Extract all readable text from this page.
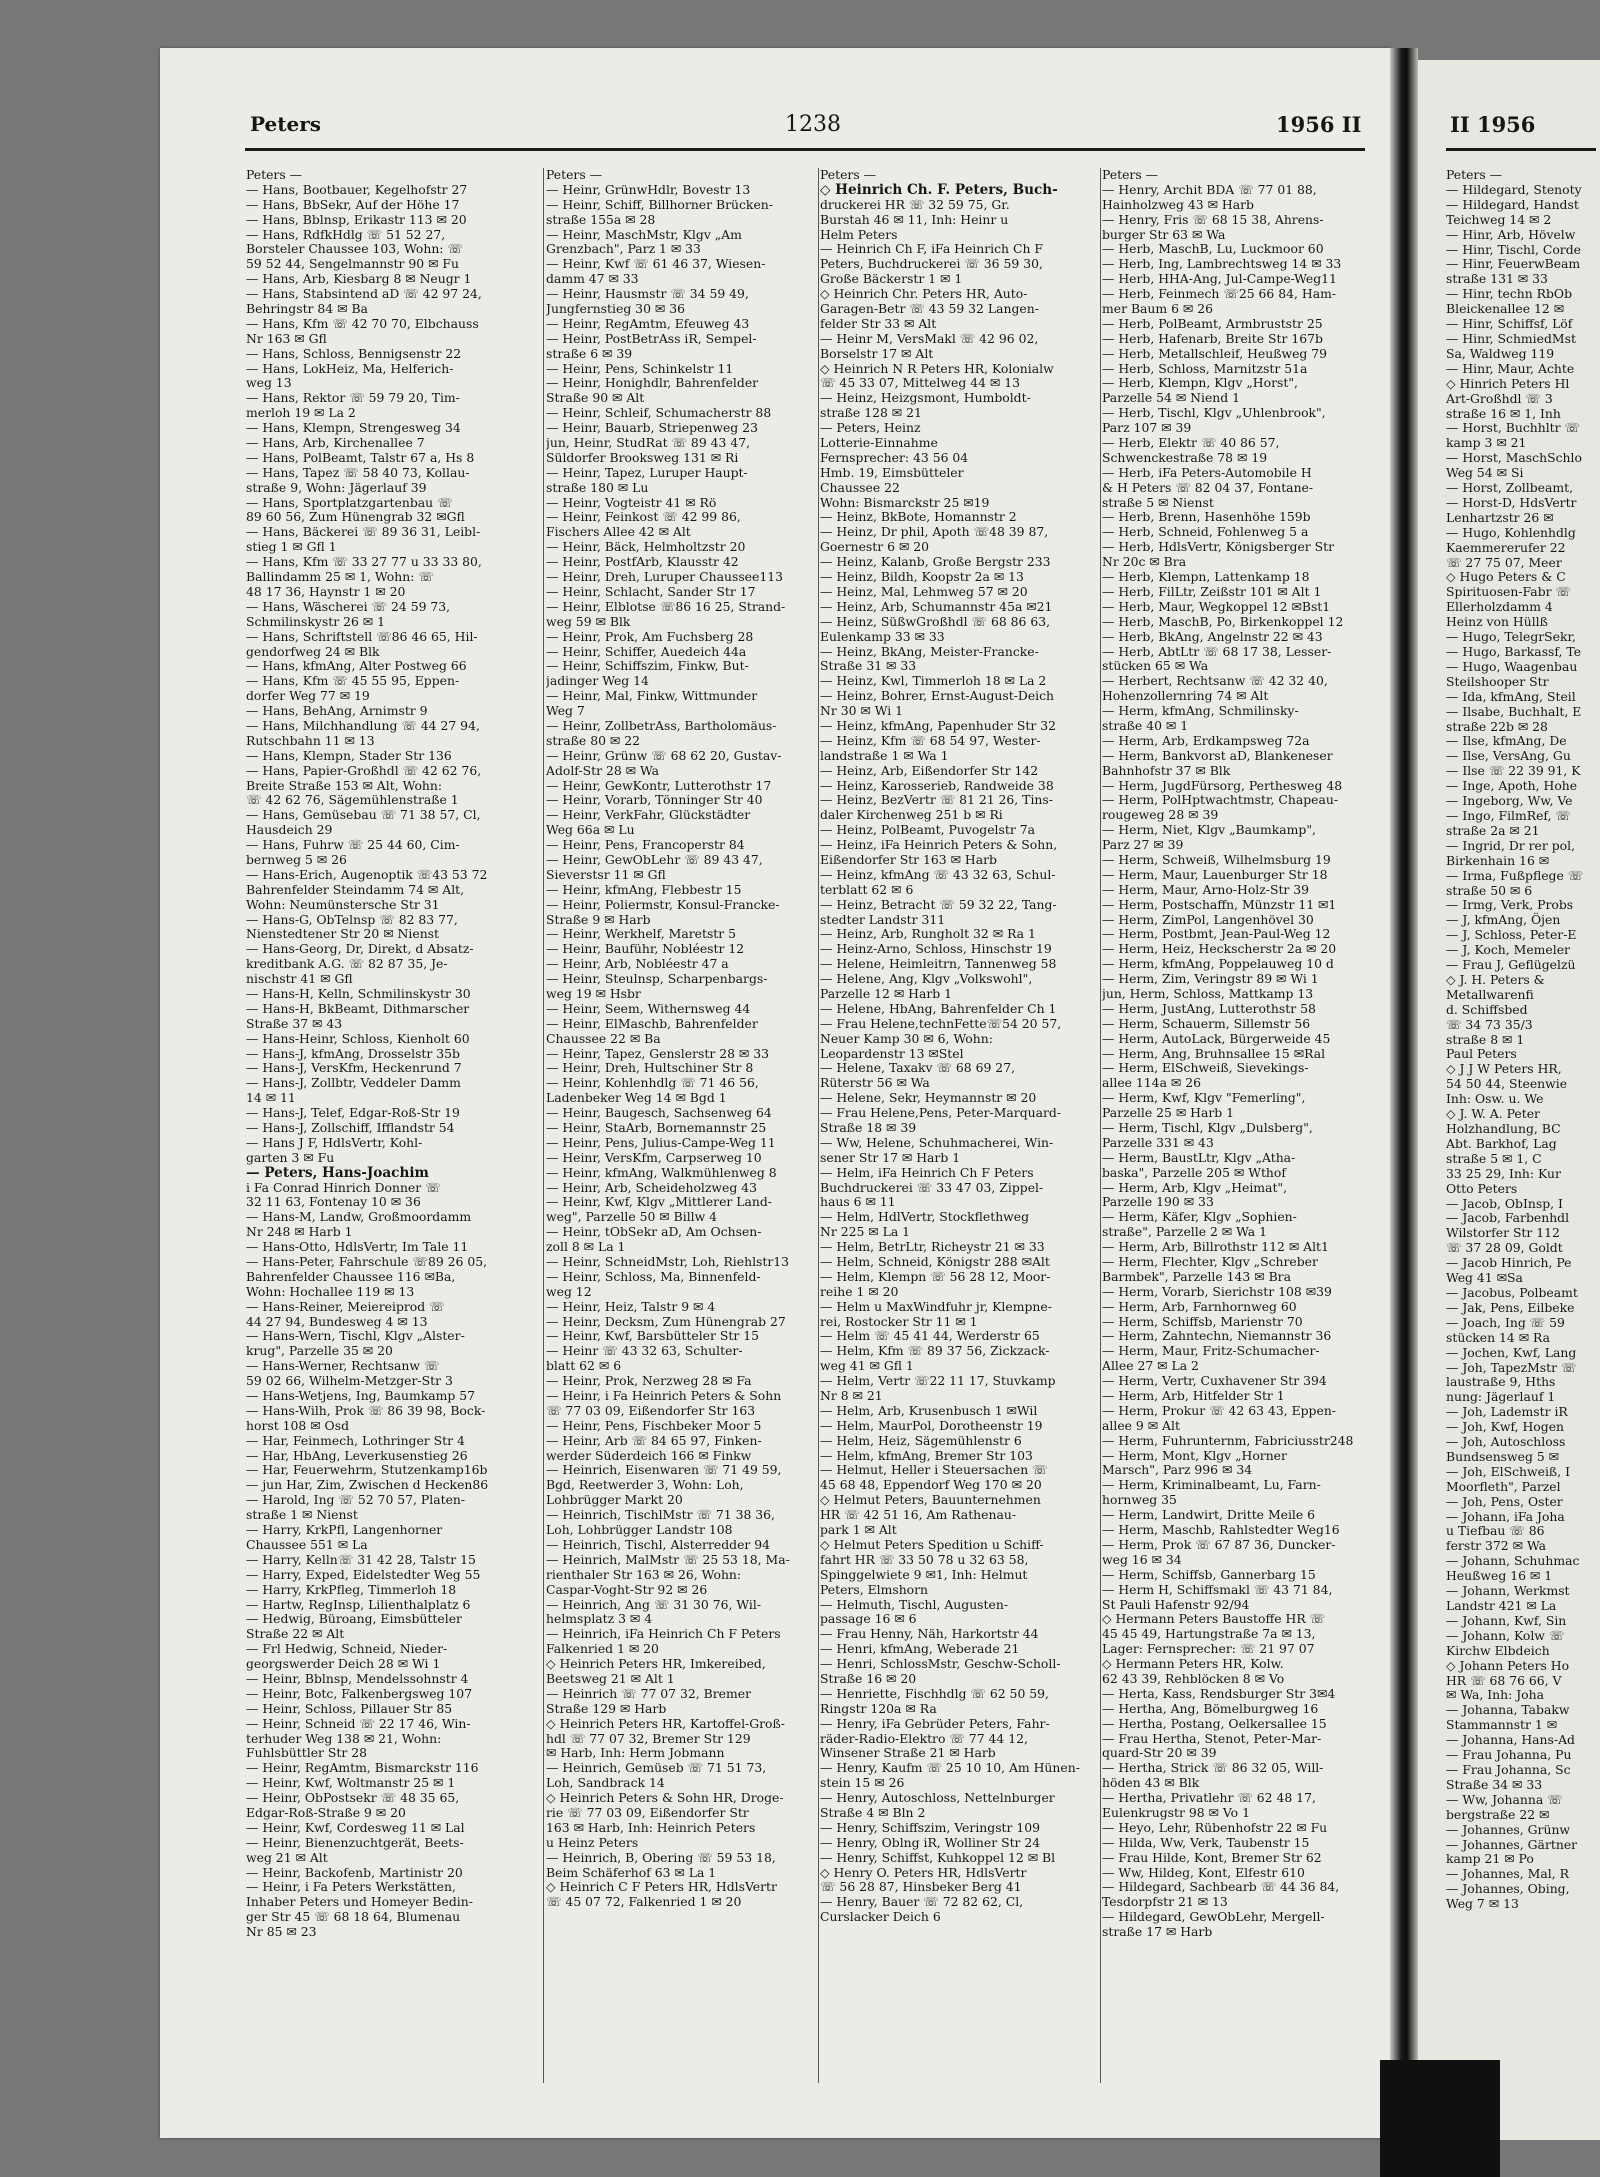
Peters	1238	1956 II	II 1956
Peters —
— Hans, Bootbauer, Kegelhofstr 27
— Hans, BbSekr, Auf der Höhe 17
— Hans, Bblnsp, Erikastr 113 ✉ 20
— Hans, RdfkHdlg ☏ 51 52 27,
Borsteler Chaussee 103, Wohn: ☏
59 52 44, Sengelmannstr 90 ✉ Fu
— Hans, Arb, Kiesbarg 8 ✉ Neugr 1
— Hans, Stabsintend aD ☏ 42 97 24,
Behringstr 84 ✉ Ba
— Hans, Kfm ☏ 42 70 70, Elbchauss
Nr 163 ✉ Gfl
— Hans, Schloss, Bennigsenstr 22
— Hans, LokHeiz, Ma, Helferich-
weg 13
— Hans, Rektor ☏ 59 79 20, Tim-
merloh 19 ✉ La 2
— Hans, Klempn, Strengesweg 34
— Hans, Arb, Kirchenallee 7
— Hans, PolBeamt, Talstr 67 a, Hs 8
— Hans, Tapez ☏ 58 40 73, Kollau-
straße 9, Wohn: Jägerlauf 39
— Hans, Sportplatzgartenbau ☏
89 60 56, Zum Hünengrab 32 ✉Gfl
— Hans, Bäckerei ☏ 89 36 31, Leibl-
stieg 1 ✉ Gfl 1
— Hans, Kfm ☏ 33 27 77 u 33 33 80,
Ballindamm 25 ✉ 1, Wohn: ☏
48 17 36, Haynstr 1 ✉ 20
— Hans, Wäscherei ☏ 24 59 73,
Schmilinskystr 26 ✉ 1
— Hans, Schriftstell ☏86 46 65, Hil-
gendorfweg 24 ✉ Blk
— Hans, kfmAng, Alter Postweg 66
— Hans, Kfm ☏ 45 55 95, Eppen-
dorfer Weg 77 ✉ 19
— Hans, BehAng, Arnimstr 9
— Hans, Milchhandlung ☏ 44 27 94,
Rutschbahn 11 ✉ 13
— Hans, Klempn, Stader Str 136
— Hans, Papier-Großhdl ☏ 42 62 76,
Breite Straße 153 ✉ Alt, Wohn:
☏ 42 62 76, Sägemühlenstraße 1
— Hans, Gemüsebau ☏ 71 38 57, Cl,
Hausdeich 29
— Hans, Fuhrw ☏ 25 44 60, Cim-
bernweg 5 ✉ 26
— Hans-Erich, Augenoptik ☏43 53 72
Bahrenfelder Steindamm 74 ✉ Alt,
Wohn: Neumünstersche Str 31
— Hans-G, ObTelnsp ☏ 82 83 77,
Nienstedtener Str 20 ✉ Nienst
— Hans-Georg, Dr, Direkt, d Absatz-
kreditbank A.G. ☏ 82 87 35, Je-
nischstr 41 ✉ Gfl
— Hans-H, Kelln, Schmilinskystr 30
— Hans-H, BkBeamt, Dithmarscher
Straße 37 ✉ 43
— Hans-Heinr, Schloss, Kienholt 60
— Hans-J, kfmAng, Drosselstr 35b
— Hans-J, VersKfm, Heckenrund 7
— Hans-J, Zollbtr, Veddeler Damm
14 ✉ 11
— Hans-J, Telef, Edgar-Roß-Str 19
— Hans-J, Zollschiff, Ifflandstr 54
— Hans J F, HdlsVertr, Kohl-
garten 3 ✉ Fu
— Peters, Hans-Joachim
i Fa Conrad Hinrich Donner ☏
32 11 63, Fontenay 10 ✉ 36
— Hans-M, Landw, Großmoordamm
Nr 248 ✉ Harb 1
— Hans-Otto, HdlsVertr, Im Tale 11
— Hans-Peter, Fahrschule ☏89 26 05,
Bahrenfelder Chaussee 116 ✉Ba,
Wohn: Hochallee 119 ✉ 13
— Hans-Reiner, Meiereiprod ☏
44 27 94, Bundesweg 4 ✉ 13
— Hans-Wern, Tischl, Klgv „Alster-
krug", Parzelle 35 ✉ 20
— Hans-Werner, Rechtsanw ☏
59 02 66, Wilhelm-Metzger-Str 3
— Hans-Wetjens, Ing, Baumkamp 57
— Hans-Wilh, Prok ☏ 86 39 98, Bock-
horst 108 ✉ Osd
— Har, Feinmech, Lothringer Str 4
— Har, HbAng, Leverkusenstieg 26
— Har, Feuerwehrm, Stutzenkamp16b
— jun Har, Zim, Zwischen d Hecken86
— Harold, Ing ☏ 52 70 57, Platen-
straße 1 ✉ Nienst
— Harry, KrkPfl, Langenhorner
Chaussee 551 ✉ La
— Harry, Kelln☏ 31 42 28, Talstr 15
— Harry, Exped, Eidelstedter Weg 55
— Harry, KrkPfleg, Timmerloh 18
— Hartw, RegInsp, Lilienthalplatz 6
— Hedwig, Büroang, Eimsbütteler
Straße 22 ✉ Alt
— Frl Hedwig, Schneid, Nieder-
georgswerder Deich 28 ✉ Wi 1
— Heinr, Bblnsp, Mendelssohnstr 4
— Heinr, Botc, Falkenbergsweg 107
— Heinr, Schloss, Pillauer Str 85
— Heinr, Schneid ☏ 22 17 46, Win-
terhuder Weg 138 ✉ 21, Wohn:
Fuhlsbüttler Str 28
— Heinr, RegAmtm, Bismarckstr 116
— Heinr, Kwf, Woltmanstr 25 ✉ 1
— Heinr, ObPostsekr ☏ 48 35 65,
Edgar-Roß-Straße 9 ✉ 20
— Heinr, Kwf, Cordesweg 11 ✉ Lal
— Heinr, Bienenzuchtgerät, Beets-
weg 21 ✉ Alt
— Heinr, Backofenb, Martinistr 20
— Heinr, i Fa Peters Werkstätten,
Inhaber Peters und Homeyer Bedin-
ger Str 45 ☏ 68 18 64, Blumenau
Nr 85 ✉ 23
Peters —
— Heinr, GrünwHdlr, Bovestr 13
— Heinr, Schiff, Billhorner Brücken-
straße 155a ✉ 28
— Heinr, MaschMstr, Klgv „Am
Grenzbach", Parz 1 ✉ 33
— Heinr, Kwf ☏ 61 46 37, Wiesen-
damm 47 ✉ 33
— Heinr, Hausmstr ☏ 34 59 49,
Jungfernstieg 30 ✉ 36
— Heinr, RegAmtm, Efeuweg 43
— Heinr, PostBetrAss iR, Sempel-
straße 6 ✉ 39
— Heinr, Pens, Schinkelstr 11
— Heinr, Honighdlr, Bahrenfelder
Straße 90 ✉ Alt
— Heinr, Schleif, Schumacherstr 88
— Heinr, Bauarb, Striepenweg 23
jun, Heinr, StudRat ☏ 89 43 47,
Süldorfer Brooksweg 131 ✉ Ri
— Heinr, Tapez, Luruper Haupt-
straße 180 ✉ Lu
— Heinr, Vogteistr 41 ✉ Rö
— Heinr, Feinkost ☏ 42 99 86,
Fischers Allee 42 ✉ Alt
— Heinr, Bäck, Helmholtzstr 20
— Heinr, PostfArb, Klausstr 42
— Heinr, Dreh, Luruper Chaussee113
— Heinr, Schlacht, Sander Str 17
— Heinr, Elblotse ☏86 16 25, Strand-
weg 59 ✉ Blk
— Heinr, Prok, Am Fuchsberg 28
— Heinr, Schiffer, Auedeich 44a
— Heinr, Schiffszim, Finkw, But-
jadinger Weg 14
— Heinr, Mal, Finkw, Wittmunder
Weg 7
— Heinr, ZollbetrAss, Bartholomäus-
straße 80 ✉ 22
— Heinr, Grünw ☏ 68 62 20, Gustav-
Adolf-Str 28 ✉ Wa
— Heinr, GewKontr, Lutterothstr 17
— Heinr, Vorarb, Tönninger Str 40
— Heinr, VerkFahr, Glückstädter
Weg 66a ✉ Lu
— Heinr, Pens, Francoperstr 84
— Heinr, GewObLehr ☏ 89 43 47,
Sieverstsr 11 ✉ Gfl
— Heinr, kfmAng, Flebbestr 15
— Heinr, Poliermstr, Konsul-Francke-
Straße 9 ✉ Harb
— Heinr, Werkhelf, Maretstr 5
— Heinr, Bauführ, Nobléestr 12
— Heinr, Arb, Nobléestr 47 a
— Heinr, Steulnsp, Scharpenbargs-
weg 19 ✉ Hsbr
— Heinr, Seem, Withernsweg 44
— Heinr, ElMaschb, Bahrenfelder
Chaussee 22 ✉ Ba
— Heinr, Tapez, Genslerstr 28 ✉ 33
— Heinr, Dreh, Hultschiner Str 8
— Heinr, Kohlenhdlg ☏ 71 46 56,
Ladenbeker Weg 14 ✉ Bgd 1
— Heinr, Baugesch, Sachsenweg 64
— Heinr, StaArb, Bornemannstr 25
— Heinr, Pens, Julius-Campe-Weg 11
— Heinr, VersKfm, Carpserweg 10
— Heinr, kfmAng, Walkmühlenweg 8
— Heinr, Arb, Scheideholzweg 43
— Heinr, Kwf, Klgv „Mittlerer Land-
weg", Parzelle 50 ✉ Billw 4
— Heinr, tObSekr aD, Am Ochsen-
zoll 8 ✉ La 1
— Heinr, SchneidMstr, Loh, Riehlstr13
— Heinr, Schloss, Ma, Binnenfeld-
weg 12
— Heinr, Heiz, Talstr 9 ✉ 4
— Heinr, Decksm, Zum Hünengrab 27
— Heinr, Kwf, Barsbütteler Str 15
— Heinr ☏ 43 32 63, Schulter-
blatt 62 ✉ 6
— Heinr, Prok, Nerzweg 28 ✉ Fa
— Heinr, i Fa Heinrich Peters & Sohn
☏ 77 03 09, Eißendorfer Str 163
— Heinr, Pens, Fischbeker Moor 5
— Heinr, Arb ☏ 84 65 97, Finken-
werder Süderdeich 166 ✉ Finkw
— Heinrich, Eisenwaren ☏ 71 49 59,
Bgd, Reetwerder 3, Wohn: Loh,
Lohbrügger Markt 20
— Heinrich, TischlMstr ☏ 71 38 36,
Loh, Lohbrügger Landstr 108
— Heinrich, Tischl, Alsterredder 94
— Heinrich, MalMstr ☏ 25 53 18, Ma-
rienthaler Str 163 ✉ 26, Wohn:
Caspar-Voght-Str 92 ✉ 26
— Heinrich, Ang ☏ 31 30 76, Wil-
helmsplatz 3 ✉ 4
— Heinrich, iFa Heinrich Ch F Peters
Falkenried 1 ✉ 20
◇ Heinrich Peters HR, Imkereibed,
Beetsweg 21 ✉ Alt 1
— Heinrich ☏ 77 07 32, Bremer
Straße 129 ✉ Harb
◇ Heinrich Peters HR, Kartoffel-Groß-
hdl ☏ 77 07 32, Bremer Str 129
✉ Harb, Inh: Herm Jobmann
— Heinrich, Gemüseb ☏ 71 51 73,
Loh, Sandbrack 14
◇ Heinrich Peters & Sohn HR, Droge-
rie ☏ 77 03 09, Eißendorfer Str
163 ✉ Harb, Inh: Heinrich Peters
u Heinz Peters
— Heinrich, B, Obering ☏ 59 53 18,
Beim Schäferhof 63 ✉ La 1
◇ Heinrich C F Peters HR, HdlsVertr
☏ 45 07 72, Falkenried 1 ✉ 20
Peters —
◇ Heinrich Ch. F. Peters, Buch-
druckerei HR ☏ 32 59 75, Gr.
Burstah 46 ✉ 11, Inh: Heinr u
Helm Peters
— Heinrich Ch F, iFa Heinrich Ch F
Peters, Buchdruckerei ☏ 36 59 30,
Große Bäckerstr 1 ✉ 1
◇ Heinrich Chr. Peters HR, Auto-
Garagen-Betr ☏ 43 59 32 Langen-
felder Str 33 ✉ Alt
— Heinr M, VersMakl ☏ 42 96 02,
Borselstr 17 ✉ Alt
◇ Heinrich N R Peters HR, Kolonialw
☏ 45 33 07, Mittelweg 44 ✉ 13
— Heinz, Heizgsmont, Humboldt-
straße 128 ✉ 21
— Peters, Heinz
Lotterie-Einnahme
Fernsprecher: 43 56 04
Hmb. 19, Eimsbütteler
Chaussee 22
Wohn: Bismarckstr 25 ✉19
— Heinz, BkBote, Homannstr 2
— Heinz, Dr phil, Apoth ☏48 39 87,
Goernestr 6 ✉ 20
— Heinz, Kalanb, Große Bergstr 233
— Heinz, Bildh, Koopstr 2a ✉ 13
— Heinz, Mal, Lehmweg 57 ✉ 20
— Heinz, Arb, Schumannstr 45a ✉21
— Heinz, SüßwGroßhdl ☏ 68 86 63,
Eulenkamp 33 ✉ 33
— Heinz, BkAng, Meister-Francke-
Straße 31 ✉ 33
— Heinz, Kwl, Timmerloh 18 ✉ La 2
— Heinz, Bohrer, Ernst-August-Deich
Nr 30 ✉ Wi 1
— Heinz, kfmAng, Papenhuder Str 32
— Heinz, Kfm ☏ 68 54 97, Wester-
landstraße 1 ✉ Wa 1
— Heinz, Arb, Eißendorfer Str 142
— Heinz, Karosserieb, Randweide 38
— Heinz, BezVertr ☏ 81 21 26, Tins-
daler Kirchenweg 251 b ✉ Ri
— Heinz, PolBeamt, Puvogelstr 7a
— Heinz, iFa Heinrich Peters & Sohn,
Eißendorfer Str 163 ✉ Harb
— Heinz, kfmAng ☏ 43 32 63, Schul-
terblatt 62 ✉ 6
— Heinz, Betracht ☏ 59 32 22, Tang-
stedter Landstr 311
— Heinz, Arb, Rungholt 32 ✉ Ra 1
— Heinz-Arno, Schloss, Hinschstr 19
— Helene, Heimleitrn, Tannenweg 58
— Helene, Ang, Klgv „Volkswohl",
Parzelle 12 ✉ Harb 1
— Helene, HbAng, Bahrenfelder Ch 1
— Frau Helene,technFette☏54 20 57,
Neuer Kamp 30 ✉ 6, Wohn:
Leopardenstr 13 ✉Stel
— Helene, Taxakv ☏ 68 69 27,
Rüterstr 56 ✉ Wa
— Helene, Sekr, Heymannstr ✉ 20
— Frau Helene,Pens, Peter-Marquard-
Straße 18 ✉ 39
— Ww, Helene, Schuhmacherei, Win-
sener Str 17 ✉ Harb 1
— Helm, iFa Heinrich Ch F Peters
Buchdruckerei ☏ 33 47 03, Zippel-
haus 6 ✉ 11
— Helm, HdlVertr, Stockflethweg
Nr 225 ✉ La 1
— Helm, BetrLtr, Richeystr 21 ✉ 33
— Helm, Schneid, Königstr 288 ✉Alt
— Helm, Klempn ☏ 56 28 12, Moor-
reihe 1 ✉ 20
— Helm u MaxWindfuhr jr, Klempne-
rei, Rostocker Str 11 ✉ 1
— Helm ☏ 45 41 44, Werderstr 65
— Helm, Kfm ☏ 89 37 56, Zickzack-
weg 41 ✉ Gfl 1
— Helm, Vertr ☏22 11 17, Stuvkamp
Nr 8 ✉ 21
— Helm, Arb, Krusenbusch 1 ✉Wil
— Helm, MaurPol, Dorotheenstr 19
— Helm, Heiz, Sägemühlenstr 6
— Helm, kfmAng, Bremer Str 103
— Helmut, Heller i Steuersachen ☏
45 68 48, Eppendorf Weg 170 ✉ 20
◇ Helmut Peters, Bauunternehmen
HR ☏ 42 51 16, Am Rathenau-
park 1 ✉ Alt
◇ Helmut Peters Spedition u Schiff-
fahrt HR ☏ 33 50 78 u 32 63 58,
Spinggelwiete 9 ✉1, Inh: Helmut
Peters, Elmshorn
— Helmuth, Tischl, Augusten-
passage 16 ✉ 6
— Frau Henny, Näh, Harkortstr 44
— Henri, kfmAng, Weberade 21
— Henri, SchlossMstr, Geschw-Scholl-
Straße 16 ✉ 20
— Henriette, Fischhdlg ☏ 62 50 59,
Ringstr 120a ✉ Ra
— Henry, iFa Gebrüder Peters, Fahr-
räder-Radio-Elektro ☏ 77 44 12,
Winsener Straße 21 ✉ Harb
— Henry, Kaufm ☏ 25 10 10, Am Hünen-
stein 15 ✉ 26
— Henry, Autoschloss, Nettelnburger
Straße 4 ✉ Bln 2
— Henry, Schiffszim, Veringstr 109
— Henry, Oblng iR, Wolliner Str 24
— Henry, Schiffst, Kuhkoppel 12 ✉ Bl
◇ Henry O. Peters HR, HdlsVertr
☏ 56 28 87, Hinsbeker Berg 41
— Henry, Bauer ☏ 72 82 62, Cl,
Curslacker Deich 6
Peters —
— Henry, Archit BDA ☏ 77 01 88,
Hainholzweg 43 ✉ Harb
— Henry, Fris ☏ 68 15 38, Ahrens-
burger Str 63 ✉ Wa
— Herb, MaschB, Lu, Luckmoor 60
— Herb, Ing, Lambrechtsweg 14 ✉ 33
— Herb, HHA-Ang, Jul-Campe-Weg11
— Herb, Feinmech ☏25 66 84, Ham-
mer Baum 6 ✉ 26
— Herb, PolBeamt, Armbruststr 25
— Herb, Hafenarb, Breite Str 167b
— Herb, Metallschleif, Heußweg 79
— Herb, Schloss, Marnitzstr 51a
— Herb, Klempn, Klgv „Horst",
Parzelle 54 ✉ Niend 1
— Herb, Tischl, Klgv „Uhlenbrook",
Parz 107 ✉ 39
— Herb, Elektr ☏ 40 86 57,
Schwenckestraße 78 ✉ 19
— Herb, iFa Peters-Automobile H
& H Peters ☏ 82 04 37, Fontane-
straße 5 ✉ Nienst
— Herb, Brenn, Hasenhöhe 159b
— Herb, Schneid, Fohlenweg 5 a
— Herb, HdlsVertr, Königsberger Str
Nr 20c ✉ Bra
— Herb, Klempn, Lattenkamp 18
— Herb, FilLtr, Zeißstr 101 ✉ Alt 1
— Herb, Maur, Wegkoppel 12 ✉Bst1
— Herb, MaschB, Po, Birkenkoppel 12
— Herb, BkAng, Angelnstr 22 ✉ 43
— Herb, AbtLtr ☏ 68 17 38, Lesser-
stücken 65 ✉ Wa
— Herbert, Rechtsanw ☏ 42 32 40,
Hohenzollernring 74 ✉ Alt
— Herm, kfmAng, Schmilinsky-
straße 40 ✉ 1
— Herm, Arb, Erdkampsweg 72a
— Herm, Bankvorst aD, Blankeneser
Bahnhofstr 37 ✉ Blk
— Herm, JugdFürsorg, Perthesweg 48
— Herm, PolHptwachtmstr, Chapeau-
rougeweg 28 ✉ 39
— Herm, Niet, Klgv „Baumkamp",
Parz 27 ✉ 39
— Herm, Schweiß, Wilhelmsburg 19
— Herm, Maur, Lauenburger Str 18
— Herm, Maur, Arno-Holz-Str 39
— Herm, Postschaffn, Münzstr 11 ✉1
— Herm, ZimPol, Langenhövel 30
— Herm, Postbmt, Jean-Paul-Weg 12
— Herm, Heiz, Heckscherstr 2a ✉ 20
— Herm, kfmAng, Poppelauweg 10 d
— Herm, Zim, Veringstr 89 ✉ Wi 1
jun, Herm, Schloss, Mattkamp 13
— Herm, JustAng, Lutterothstr 58
— Herm, Schauerm, Sillemstr 56
— Herm, AutoLack, Bürgerweide 45
— Herm, Ang, Bruhnsallee 15 ✉Ral
— Herm, ElSchweiß, Sievekings-
allee 114a ✉ 26
— Herm, Kwf, Klgv "Femerling",
Parzelle 25 ✉ Harb 1
— Herm, Tischl, Klgv „Dulsberg",
Parzelle 331 ✉ 43
— Herm, BaustLtr, Klgv „Atha-
baska", Parzelle 205 ✉ Wthof
— Herm, Arb, Klgv „Heimat",
Parzelle 190 ✉ 33
— Herm, Käfer, Klgv „Sophien-
straße", Parzelle 2 ✉ Wa 1
— Herm, Arb, Billrothstr 112 ✉ Alt1
— Herm, Flechter, Klgv „Schreber
Barmbek", Parzelle 143 ✉ Bra
— Herm, Vorarb, Sierichstr 108 ✉39
— Herm, Arb, Farnhornweg 60
— Herm, Schiffsb, Marienstr 70
— Herm, Zahntechn, Niemannstr 36
— Herm, Maur, Fritz-Schumacher-
Allee 27 ✉ La 2
— Herm, Vertr, Cuxhavener Str 394
— Herm, Arb, Hitfelder Str 1
— Herm, Prokur ☏ 42 63 43, Eppen-
allee 9 ✉ Alt
— Herm, Fuhrunternm, Fabriciusstr248
— Herm, Mont, Klgv „Horner
Marsch", Parz 996 ✉ 34
— Herm, Kriminalbeamt, Lu, Farn-
hornweg 35
— Herm, Landwirt, Dritte Meile 6
— Herm, Maschb, Rahlstedter Weg16
— Herm, Prok ☏ 67 87 36, Duncker-
weg 16 ✉ 34
— Herm, Schiffsb, Gannerbarg 15
— Herm H, Schiffsmakl ☏ 43 71 84,
St Pauli Hafenstr 92/94
◇ Hermann Peters Baustoffe HR ☏
45 45 49, Hartungstraße 7a ✉ 13,
Lager: Fernsprecher: ☏ 21 97 07
◇ Hermann Peters HR, Kolw.
62 43 39, Rehblöcken 8 ✉ Vo
— Herta, Kass, Rendsburger Str 3✉4
— Hertha, Ang, Bömelburgweg 16
— Hertha, Postang, Oelkersallee 15
— Frau Hertha, Stenot, Peter-Mar-
quard-Str 20 ✉ 39
— Hertha, Strick ☏ 86 32 05, Will-
höden 43 ✉ Blk
— Hertha, Privatlehr ☏ 62 48 17,
Eulenkrugstr 98 ✉ Vo 1
— Heyo, Lehr, Rübenhofstr 22 ✉ Fu
— Hilda, Ww, Verk, Taubenstr 15
— Frau Hilde, Kont, Bremer Str 62
— Ww, Hildeg, Kont, Elfestr 610
— Hildegard, Sachbearb ☏ 44 36 84,
Tesdorpfstr 21 ✉ 13
— Hildegard, GewObLehr, Mergell-
straße 17 ✉ Harb
Peters —
— Hildegard, Stenoty
— Hildegard, Handst
Teichweg 14 ✉ 2
— Hinr, Arb, Hövelw
— Hinr, Tischl, Corde
— Hinr, FeuerwBeam
straße 131 ✉ 33
— Hinr, techn RbOb
Bleickenallee 12 ✉
— Hinr, Schiffsf, Löf
— Hinr, SchmiedMst
Sa, Waldweg 119
— Hinr, Maur, Achte
◇ Hinrich Peters Hl
Art-Großhdl ☏ 3
straße 16 ✉ 1, Inh
— Horst, Buchhltr ☏
kamp 3 ✉ 21
— Horst, MaschSchlo
Weg 54 ✉ Si
— Horst, Zollbeamt,
— Horst-D, HdsVertr
Lenhartzstr 26 ✉
— Hugo, Kohlenhdlg
Kaemmererufer 22
☏ 27 75 07, Meer
◇ Hugo Peters & C
Spirituosen-Fabr ☏
Ellerholzdamm 4
Heinz von Hüllß
— Hugo, TelegrSekr,
— Hugo, Barkassf, Te
— Hugo, Waagenbau
Steilshooper Str
— Ida, kfmAng, Steil
— Ilsabe, Buchhalt, E
straße 22b ✉ 28
— Ilse, kfmAng, De
— Ilse, VersAng, Gu
— Ilse ☏ 22 39 91, K
— Inge, Apoth, Hohe
— Ingeborg, Ww, Ve
— Ingo, FilmRef, ☏
straße 2a ✉ 21
— Ingrid, Dr rer pol,
Birkenhain 16 ✉
— Irma, Fußpflege ☏
straße 50 ✉ 6
— Irmg, Verk, Probs
— J, kfmAng, Öjen
— J, Schloss, Peter-E
— J, Koch, Memeler
— Frau J, Geflügelzü
◇ J. H. Peters &
Metallwarenfi
d. Schiffsbed
☏ 34 73 35/3
straße 8 ✉ 1
Paul Peters
◇ J J W Peters HR,
54 50 44, Steenwie
Inh: Osw. u. We
◇ J. W. A. Peter
Holzhandlung, BC
Abt. Barkhof, Lag
straße 5 ✉ 1, C
33 25 29, Inh: Kur
Otto Peters
— Jacob, ObInsp, I
— Jacob, Farbenhdl
Wilstorfer Str 112
☏ 37 28 09, Goldt
— Jacob Hinrich, Pe
Weg 41 ✉Sa
— Jacobus, Polbeamt
— Jak, Pens, Eilbeke
— Joach, Ing ☏ 59
stücken 14 ✉ Ra
— Jochen, Kwf, Lang
— Joh, TapezMstr ☏
laustraße 9, Hths
nung: Jägerlauf 1
— Joh, Lademstr iR
— Joh, Kwf, Hogen
— Joh, Autoschloss
Bundsensweg 5 ✉
— Joh, ElSchweiß, I
Moorfleth", Parzel
— Joh, Pens, Oster
— Johann, iFa Joha
u Tiefbau ☏ 86
ferstr 372 ✉ Wa
— Johann, Schuhmac
Heußweg 16 ✉ 1
— Johann, Werkmst
Landstr 421 ✉ La
— Johann, Kwf, Sin
— Johann, Kolw ☏
Kirchw Elbdeich
◇ Johann Peters Ho
HR ☏ 68 76 66, V
✉ Wa, Inh: Joha
— Johanna, Tabakw
Stammannstr 1 ✉
— Johanna, Hans-Ad
— Frau Johanna, Pu
— Frau Johanna, Sc
Straße 34 ✉ 33
— Ww, Johanna ☏
bergstraße 22 ✉
— Johannes, Grünw
— Johannes, Gärtner
kamp 21 ✉ Po
— Johannes, Mal, R
— Johannes, Obing,
Weg 7 ✉ 13
